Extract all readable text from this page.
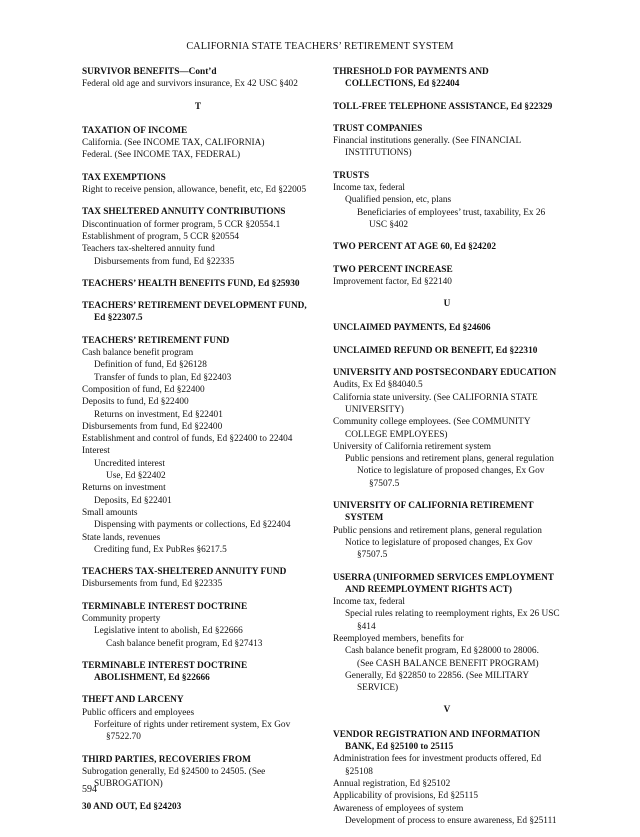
CALIFORNIA STATE TEACHERS’ RETIREMENT SYSTEM
SURVIVOR BENEFITS—Cont’d
Federal old age and survivors insurance, Ex 42 USC §402
T
TAXATION OF INCOME
California. (See INCOME TAX, CALIFORNIA)
Federal. (See INCOME TAX, FEDERAL)
TAX EXEMPTIONS
Right to receive pension, allowance, benefit, etc, Ed §22005
TAX SHELTERED ANNUITY CONTRIBUTIONS
Discontinuation of former program, 5 CCR §20554.1
Establishment of program, 5 CCR §20554
Teachers tax-sheltered annuity fund
Disbursements from fund, Ed §22335
TEACHERS’ HEALTH BENEFITS FUND, Ed §25930
TEACHERS’ RETIREMENT DEVELOPMENT FUND, Ed §22307.5
TEACHERS’ RETIREMENT FUND
Cash balance benefit program
Definition of fund, Ed §26128
Transfer of funds to plan, Ed §22403
Composition of fund, Ed §22400
Deposits to fund, Ed §22400
Returns on investment, Ed §22401
Disbursements from fund, Ed §22400
Establishment and control of funds, Ed §22400 to 22404
Interest
Uncredited interest
Use, Ed §22402
Returns on investment
Deposits, Ed §22401
Small amounts
Dispensing with payments or collections, Ed §22404
State lands, revenues
Crediting fund, Ex PubRes §6217.5
TEACHERS TAX-SHELTERED ANNUITY FUND
Disbursements from fund, Ed §22335
TERMINABLE INTEREST DOCTRINE
Community property
Legislative intent to abolish, Ed §22666
Cash balance benefit program, Ed §27413
TERMINABLE INTEREST DOCTRINE ABOLISHMENT, Ed §22666
THEFT AND LARCENY
Public officers and employees
Forfeiture of rights under retirement system, Ex Gov §7522.70
THIRD PARTIES, RECOVERIES FROM
Subrogation generally, Ed §24500 to 24505. (See SUBROGATION)
30 AND OUT, Ed §24203
THRESHOLD FOR PAYMENTS AND COLLECTIONS, Ed §22404
TOLL-FREE TELEPHONE ASSISTANCE, Ed §22329
TRUST COMPANIES
Financial institutions generally. (See FINANCIAL INSTITUTIONS)
TRUSTS
Income tax, federal
Qualified pension, etc, plans
Beneficiaries of employees’ trust, taxability, Ex 26 USC §402
TWO PERCENT AT AGE 60, Ed §24202
TWO PERCENT INCREASE
Improvement factor, Ed §22140
U
UNCLAIMED PAYMENTS, Ed §24606
UNCLAIMED REFUND OR BENEFIT, Ed §22310
UNIVERSITY AND POSTSECONDARY EDUCATION
Audits, Ex Ed §84040.5
California state university. (See CALIFORNIA STATE UNIVERSITY)
Community college employees. (See COMMUNITY COLLEGE EMPLOYEES)
University of California retirement system
Public pensions and retirement plans, general regulation
Notice to legislature of proposed changes, Ex Gov §7507.5
UNIVERSITY OF CALIFORNIA RETIREMENT SYSTEM
Public pensions and retirement plans, general regulation
Notice to legislature of proposed changes, Ex Gov §7507.5
USERRA (UNIFORMED SERVICES EMPLOYMENT AND REEMPLOYMENT RIGHTS ACT)
Income tax, federal
Special rules relating to reemployment rights, Ex 26 USC §414
Reemployed members, benefits for
Cash balance benefit program, Ed §28000 to 28006.
(See CASH BALANCE BENEFIT PROGRAM)
Generally, Ed §22850 to 22856. (See MILITARY SERVICE)
V
VENDOR REGISTRATION AND INFORMATION BANK, Ed §25100 to 25115
Administration fees for investment products offered, Ed §25108
Annual registration, Ed §25102
Applicability of provisions, Ed §25115
Awareness of employees of system
Development of process to ensure awareness, Ed §25111
594
